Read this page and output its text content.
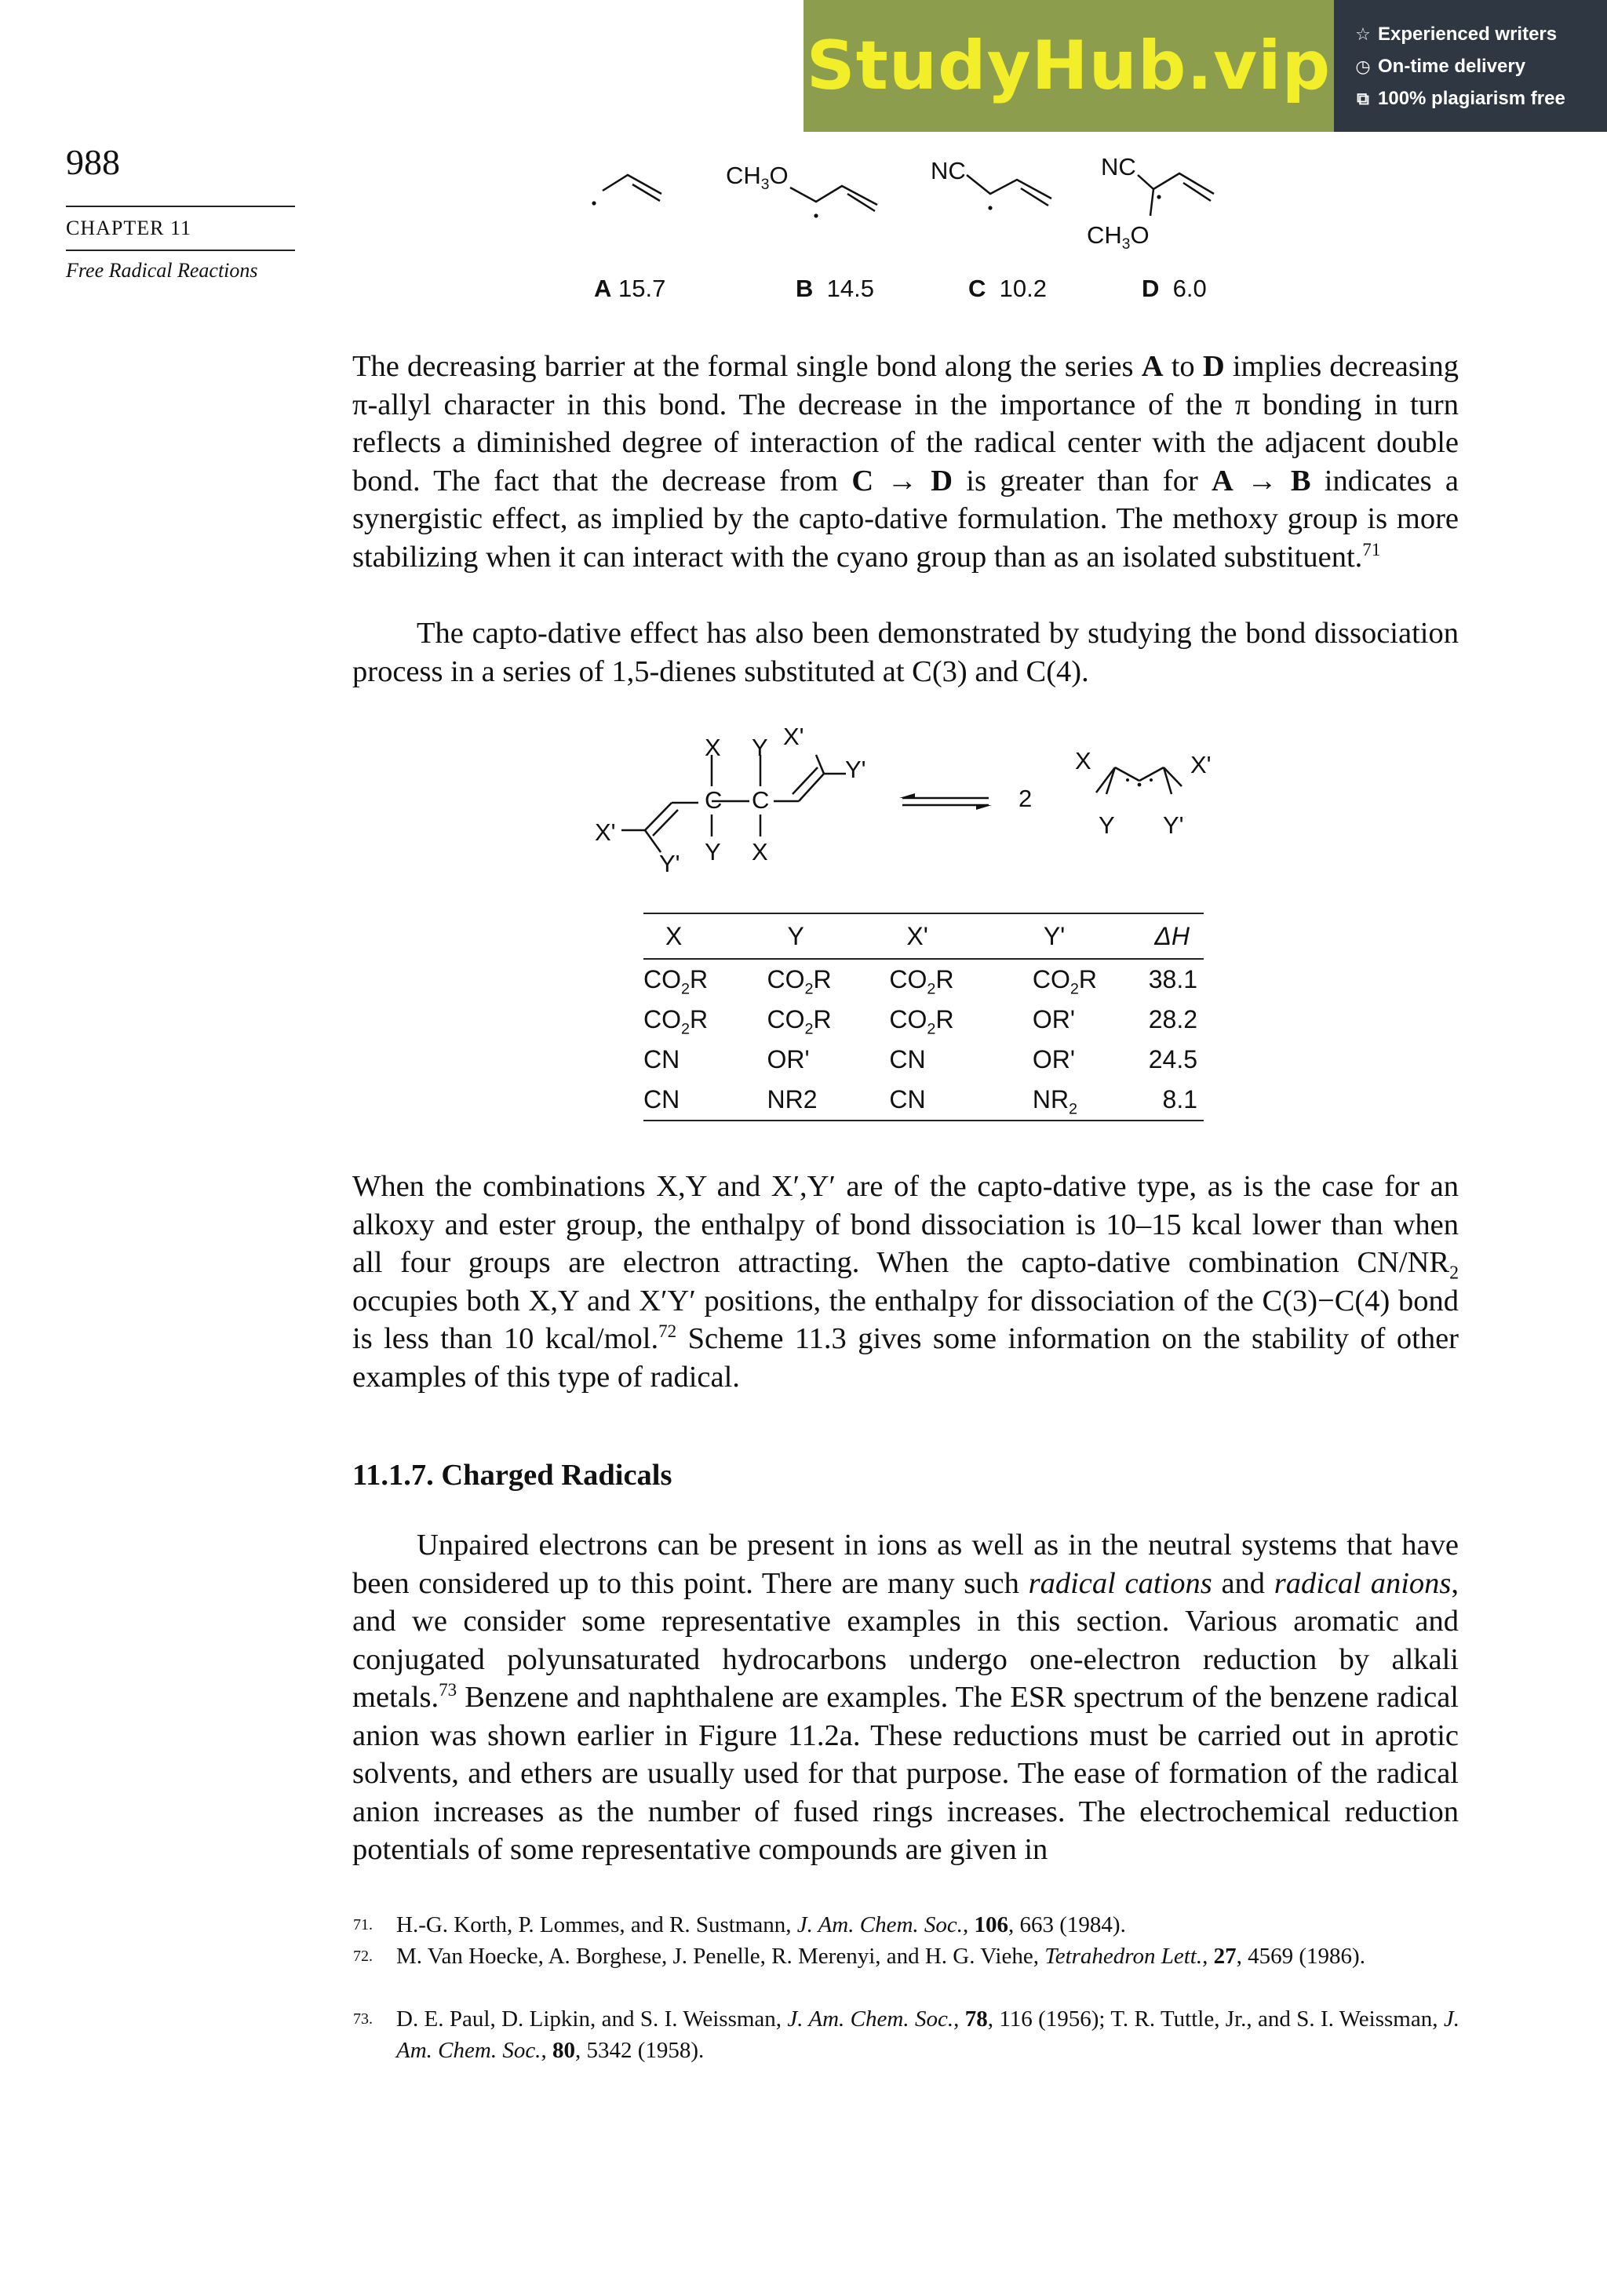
StudyHub.vip ☆ Experienced writers
◷ On-time delivery
⧉ 100% plagiarism free
988
CHAPTER 11
Free Radical Reactions
$CH_3O$	NC	NC
$CH_3O$
A 15.7	B 14.5	C 10.2	D 6.0
The decreasing barrier at the formal single bond along the series A to D implies decreasing π-allyl character in this bond. The decrease in the importance of the π bonding in turn reflects a diminished degree of interaction of the radical center with the adjacent double bond. The fact that the decrease from C → D is greater than for A → B indicates a synergistic effect, as implied by the capto-dative formulation. The methoxy group is more stabilizing when it can interact with the cyano group than as an isolated substituent.$^{71}$
The capto-dative effect has also been demonstrated by studying the bond dissociation process in a series of 1,5-dienes substituted at C(3) and C(4).
X Y X'
Y'
C C
Y X
X'
Y'
2
X	X'
Y Y'
X	Y	X'	Y'	ΔH
$CO_2R$	$CO_2R$	$CO_2R$	$CO_2R$	38.1
$CO_2R$	$CO_2R$	$CO_2R$	OR'	28.2
CN	OR'	CN	OR'	24.5
CN	NR2	CN	$NR_2$	8.1
When the combinations X,Y and X′,Y′ are of the capto-dative type, as is the case for an alkoxy and ester group, the enthalpy of bond dissociation is 10–15 kcal lower than when all four groups are electron attracting. When the capto-dative combination $CN/NR_2$ occupies both X,Y and X′Y′ positions, the enthalpy for dissociation of the C(3)−C(4) bond is less than 10 kcal/mol.$^{72}$ Scheme 11.3 gives some information on the stability of other examples of this type of radical.
11.1.7. Charged Radicals
Unpaired electrons can be present in ions as well as in the neutral systems that have been considered up to this point. There are many such radical cations and radical anions, and we consider some representative examples in this section. Various aromatic and conjugated polyunsaturated hydrocarbons undergo one-electron reduction by alkali metals.$^{73}$ Benzene and naphthalene are examples. The ESR spectrum of the benzene radical anion was shown earlier in Figure 11.2a. These reductions must be carried out in aprotic solvents, and ethers are usually used for that purpose. The ease of formation of the radical anion increases as the number of fused rings increases. The electrochemical reduction potentials of some representative compounds are given in
71. H.-G. Korth, P. Lommes, and R. Sustmann, J. Am. Chem. Soc., 106, 663 (1984).
72. M. Van Hoecke, A. Borghese, J. Penelle, R. Merenyi, and H. G. Viehe, Tetrahedron Lett., 27, 4569 (1986).
73. D. E. Paul, D. Lipkin, and S. I. Weissman, J. Am. Chem. Soc., 78, 116 (1956); T. R. Tuttle, Jr., and S. I. Weissman, J. Am. Chem. Soc., 80, 5342 (1958).
